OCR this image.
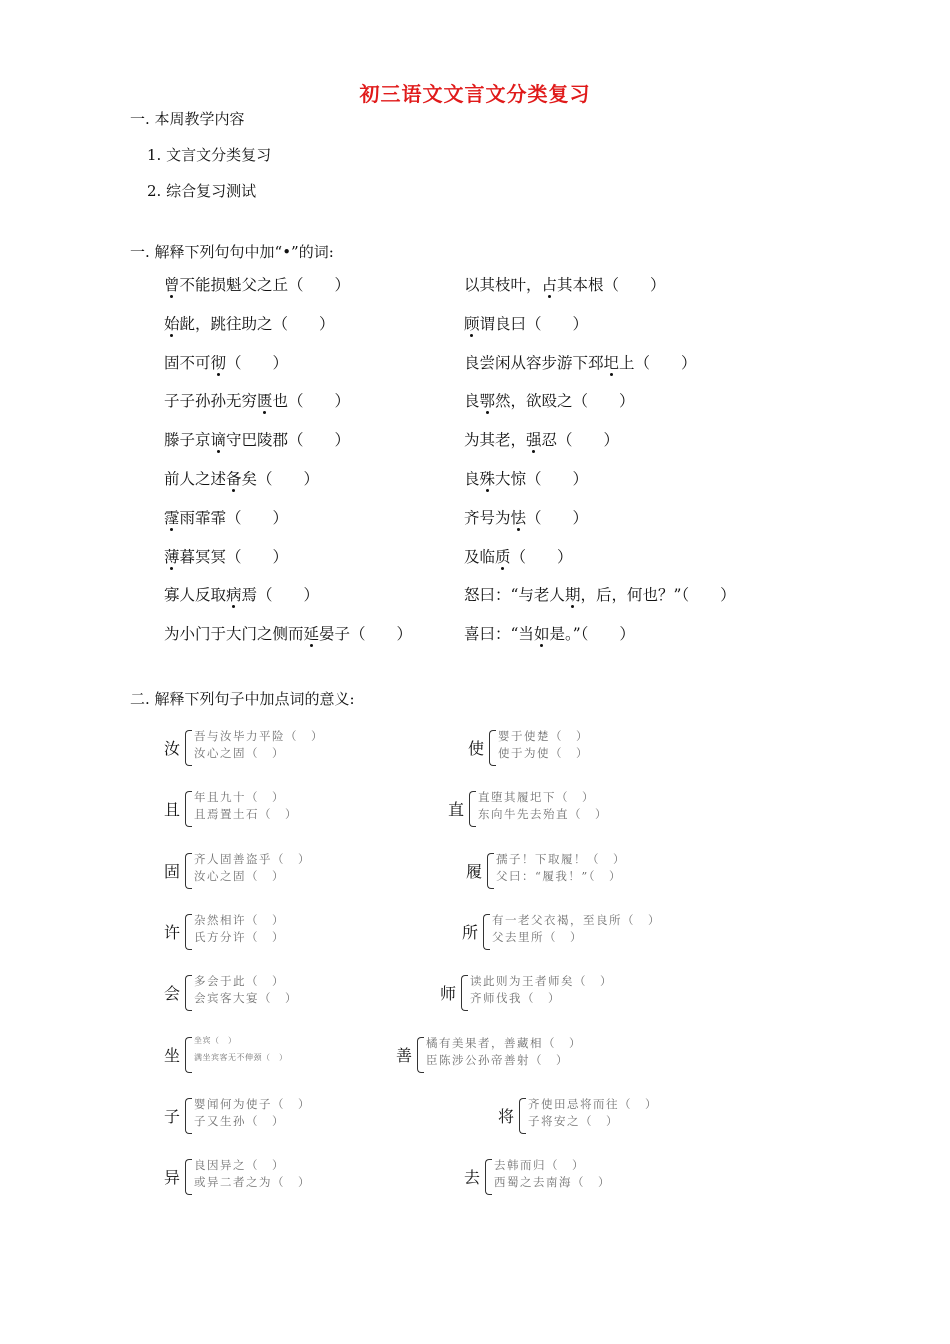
初三语文文言文分类复习
一. 本周教学内容
1. 文言文分类复习
2. 综合复习测试
一. 解释下列句句中加“•”的词:
曾不能损魁父之丘（　　）
始龀，跳往助之（　　）
固不可彻（　　）
子子孙孙无穷匮也（　　）
滕子京谪守巴陵郡（　　）
前人之述备矣（　　）
霪雨霏霏（　　）
薄暮冥冥（　　）
寡人反取病焉（　　）
为小门于大门之侧而延晏子（　　）
以其枝叶，占其本根（　　）
顾谓良曰（　　）
良尝闲从容步游下邳圯上（　　）
良鄂然，欲殴之（　　）
为其老，强忍（　　）
良殊大惊（　　）
齐号为怯（　　）
及临质（　　）
怒曰：“与老人期，后，何也？”（　　）
喜曰：“当如是。”（　　）
二. 解释下列句子中加点词的意义:
汝
吾与汝毕力平险（　）
汝心之固（　）
且
年且九十（　）
且焉置土石（　）
固
齐人固善盗乎（　）
汝心之固（　）
许
杂然相许（　）
氏方分许（　）
会
多会于此（　）
会宾客大宴（　）
坐
坐宾（　）
满坐宾客无不伸颈（　）
子
婴闻何为使子（　）
子又生孙（　）
异
良因异之（　）
或异二者之为（　）
使
婴于使楚（　）
使于为使（　）
直
直堕其履圯下（　）
东向牛先去殆直（　）
履
孺子！下取履！（　）
父曰：“履我！”（　）
所
有一老父衣褐，至良所（　）
父去里所（　）
师
读此则为王者师矣（　）
齐师伐我（　）
善
橘有美果者，善藏相（　）
臣陈涉公孙帝善射（　）
将
齐使田忌将而往（　）
子将安之（　）
去
去韩而归（　）
西蜀之去南海（　）
